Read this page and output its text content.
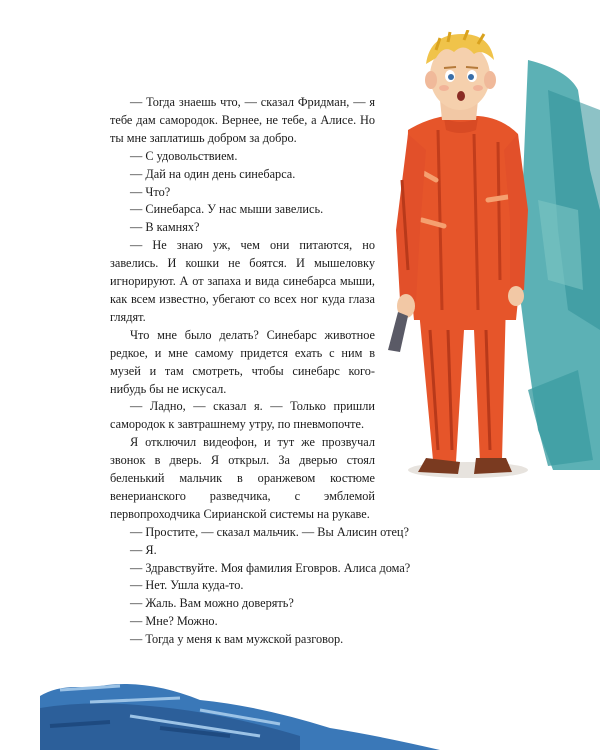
— Тогда знаешь что, — сказал Фридман, — я тебе дам самородок. Вернее, не тебе, а Алисе. Но ты мне заплатишь добром за добро.

— С удовольствием.

— Дай на один день синебарса.

— Что?

— Синебарса. У нас мыши завелись.

— В камнях?

— Не знаю уж, чем они питаются, но завелись. И кошки не боятся. И мышеловку игнорируют. А от запаха и вида синебарса мыши, как всем известно, убегают со всех ног куда глаза глядят.

Что мне было делать? Синебарс животное редкое, и мне самому придется ехать с ним в музей и там смотреть, чтобы синебарс кого-нибудь бы не искусал.

— Ладно, — сказал я. — Только пришли самородок к завтрашнему утру, по пневмопочте.

Я отключил видеофон, и тут же прозвучал звонок в дверь. Я открыл. За дверью стоял беленький мальчик в оранжевом костюме венерианского разведчика, с эмблемой первопроходчика Сирианской системы на рукаве.

— Простите, — сказал мальчик. — Вы Алисин отец?

— Я.

— Здравствуйте. Моя фамилия Еговров. Алиса дома?

— Нет. Ушла куда-то.

— Жаль. Вам можно доверять?

— Мне? Можно.

— Тогда у меня к вам мужской разговор.
